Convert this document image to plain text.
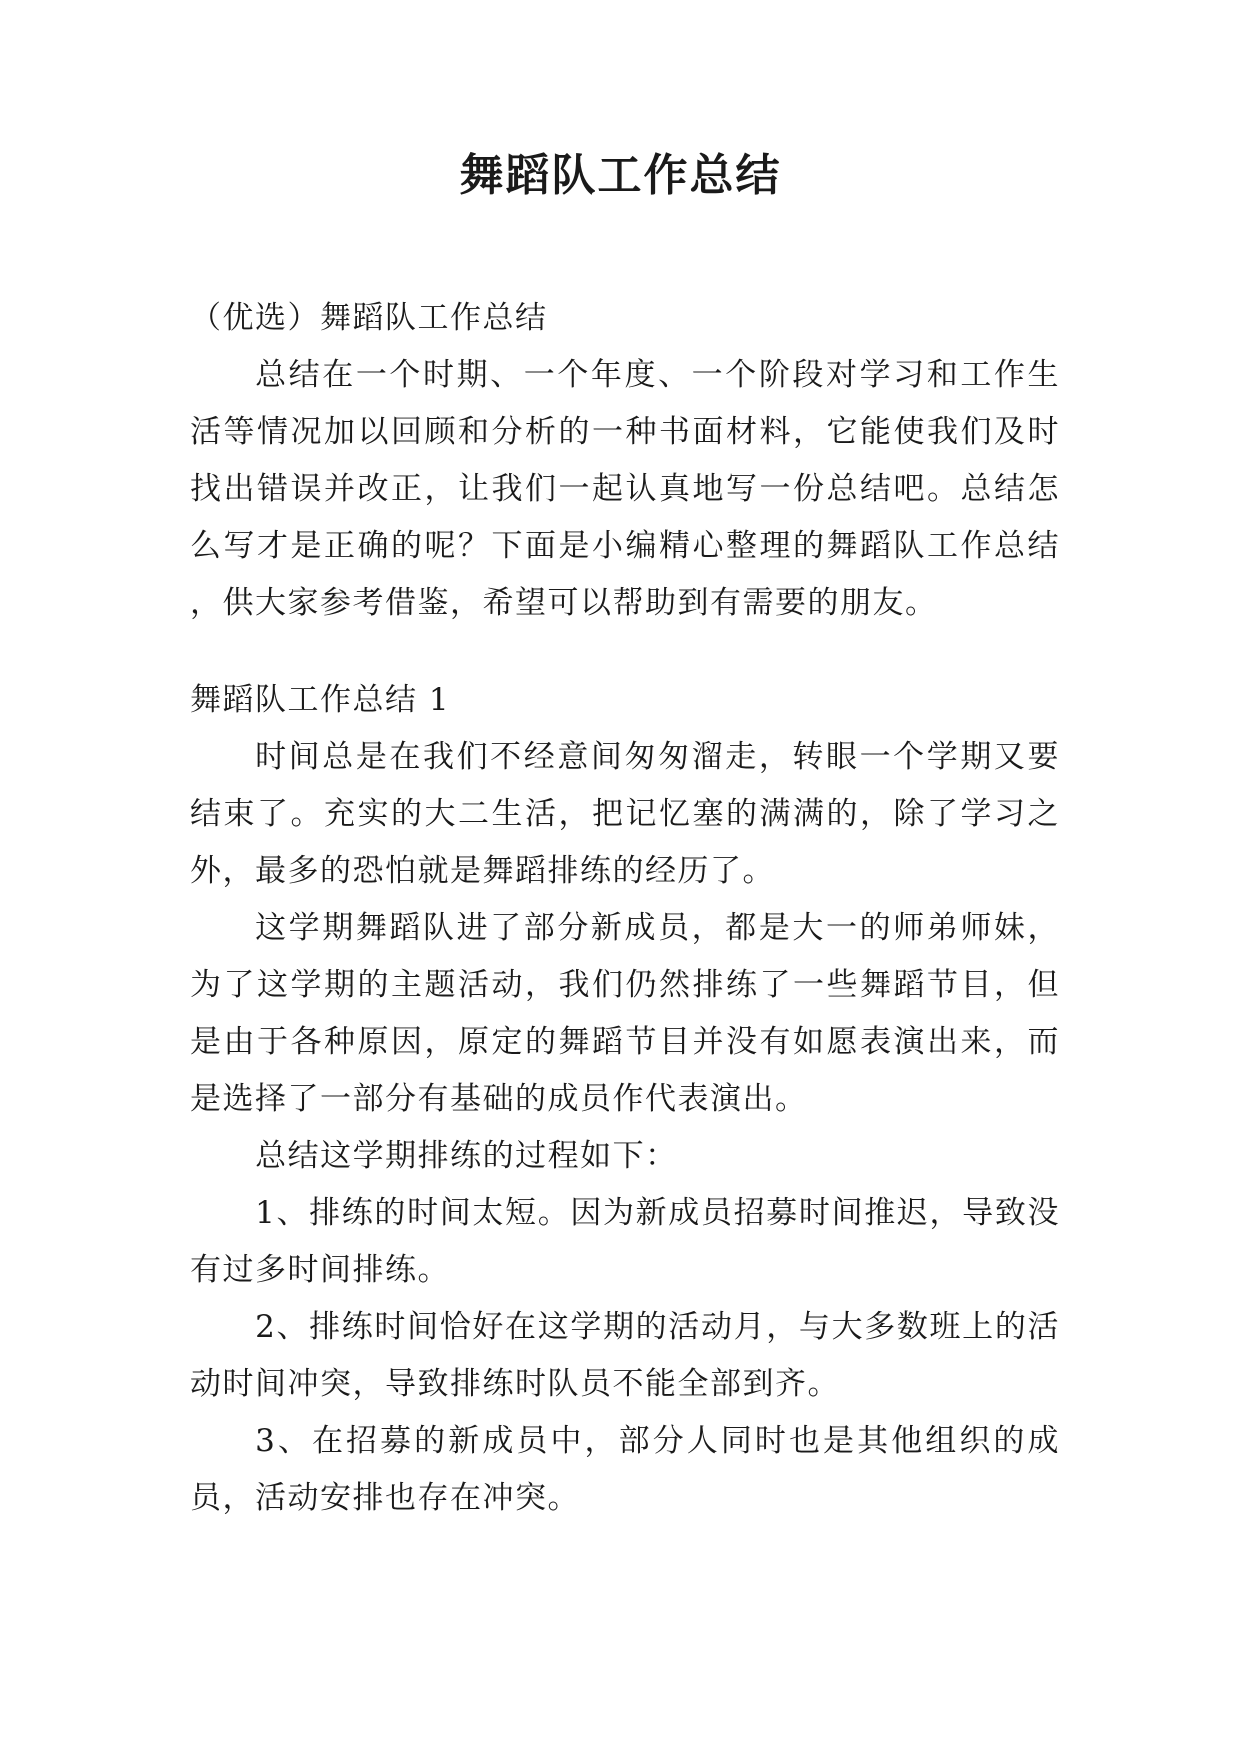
舞蹈队工作总结

（优选）舞蹈队工作总结

总结在一个时期、一个年度、一个阶段对学习和工作生活等情况加以回顾和分析的一种书面材料，它能使我们及时找出错误并改正，让我们一起认真地写一份总结吧。总结怎么写才是正确的呢？下面是小编精心整理的舞蹈队工作总结 ，供大家参考借鉴，希望可以帮助到有需要的朋友。

舞蹈队工作总结 1

时间总是在我们不经意间匆匆溜走，转眼一个学期又要结束了。充实的大二生活，把记忆塞的满满的，除了学习之外，最多的恐怕就是舞蹈排练的经历了。

这学期舞蹈队进了部分新成员，都是大一的师弟师妹，为了这学期的主题活动，我们仍然排练了一些舞蹈节目，但是由于各种原因，原定的舞蹈节目并没有如愿表演出来，而是选择了一部分有基础的成员作代表演出。

总结这学期排练的过程如下：

1、排练的时间太短。因为新成员招募时间推迟，导致没有过多时间排练。

2、排练时间恰好在这学期的活动月，与大多数班上的活动时间冲突，导致排练时队员不能全部到齐。

3、在招募的新成员中，部分人同时也是其他组织的成员，活动安排也存在冲突。
